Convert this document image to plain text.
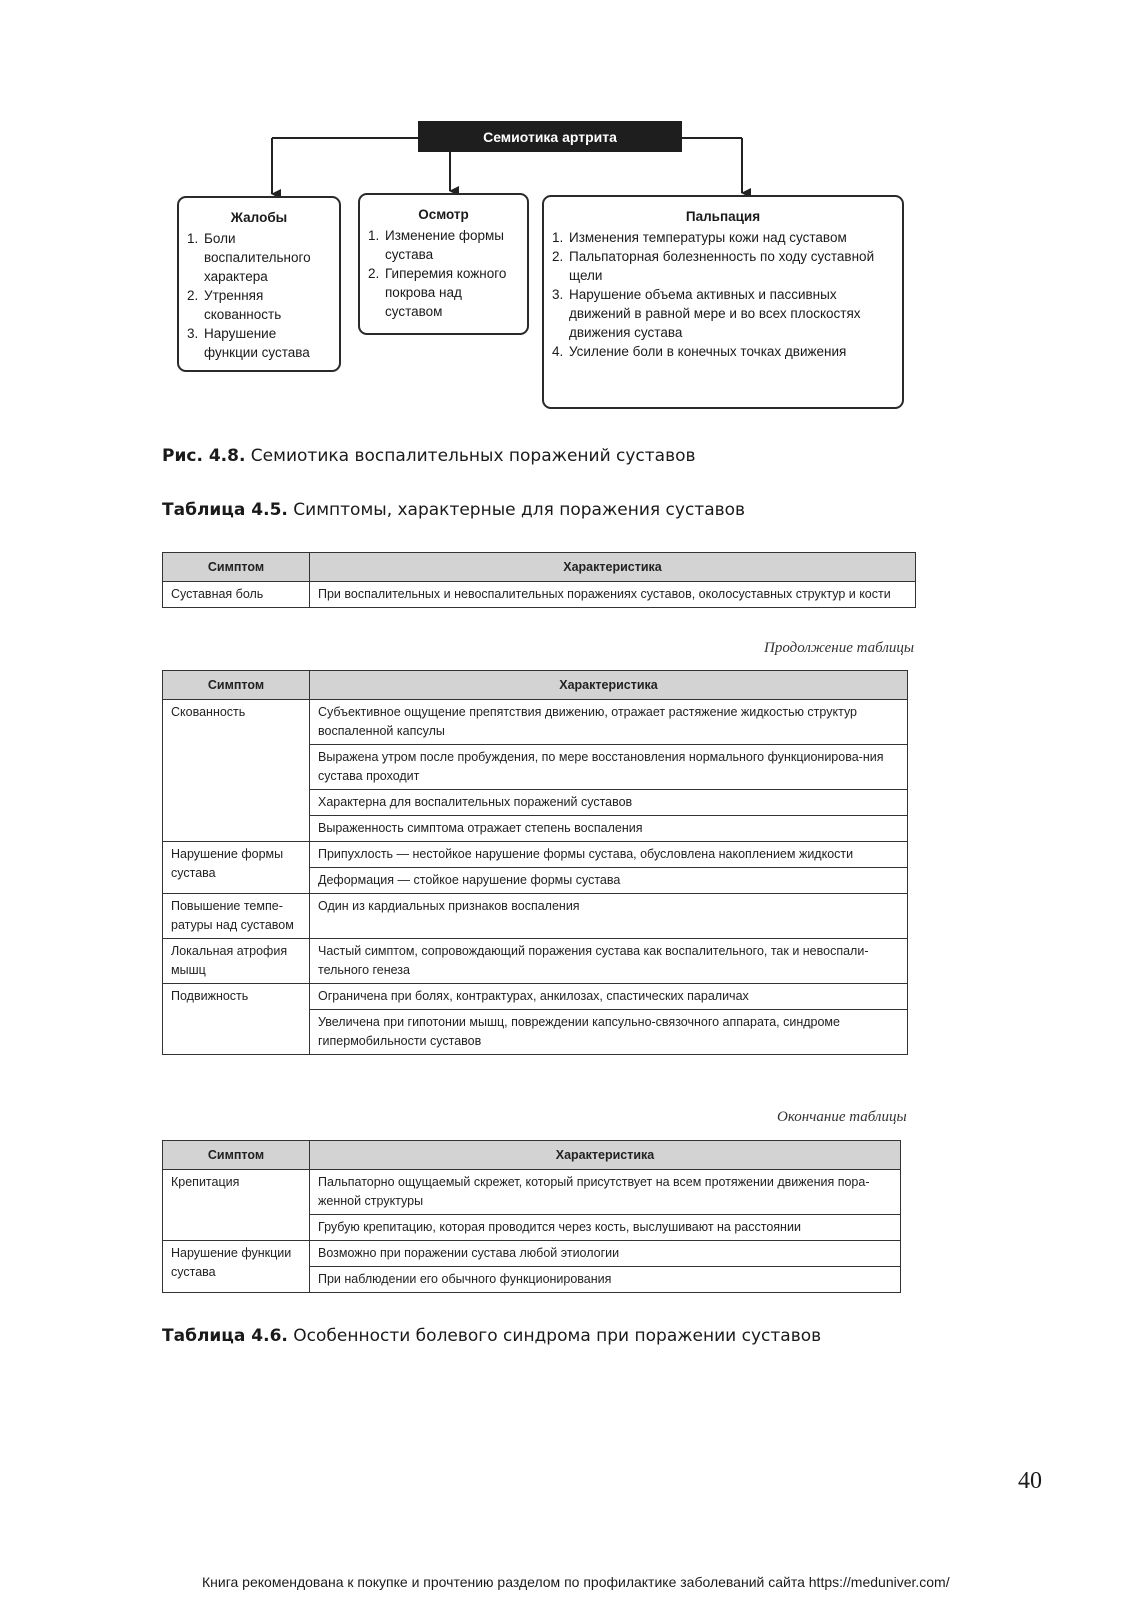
Семиотика артрита
Жалобы
1. Боли воспалительного характера
2. Утренняя скованность
3. Нарушение функции сустава
Осмотр
1. Изменение формы сустава
2. Гиперемия кожного покрова над суставом
Пальпация
1. Изменения температуры кожи над суставом
2. Пальпаторная болезненность по ходу суставной щели
3. Нарушение объема активных и пассивных движений в равной мере и во всех плоскостях движения сустава
4. Усиление боли в конечных точках движения
Рис. 4.8. Семиотика воспалительных поражений суставов
Таблица 4.5. Симптомы, характерные для поражения суставов
Симптом	Характеристика
Суставная боль	При воспалительных и невоспалительных поражениях суставов, околосуставных структур и кости
Продолжение таблицы
Симптом	Характеристика
Скованность	Субъективное ощущение препятствия движению, отражает растяжение жидкостью структур воспаленной капсулы
	Выражена утром после пробуждения, по мере восстановления нормального функционирова-ния сустава проходит
	Характерна для воспалительных поражений суставов
	Выраженность симптома отражает степень воспаления
Нарушение формы сустава	Припухлость — нестойкое нарушение формы сустава, обусловлена накоплением жидкости
	Деформация — стойкое нарушение формы сустава
Повышение темпе-ратуры над суставом	Один из кардиальных признаков воспаления
Локальная атрофия мышц	Частый симптом, сопровождающий поражения сустава как воспалительного, так и невоспали-тельного генеза
Подвижность	Ограничена при болях, контрактурах, анкилозах, спастических параличах
	Увеличена при гипотонии мышц, повреждении капсульно-связочного аппарата, синдроме гипермобильности суставов
Окончание таблицы
Симптом	Характеристика
Крепитация	Пальпаторно ощущаемый скрежет, который присутствует на всем протяжении движения пора-женной структуры
	Грубую крепитацию, которая проводится через кость, выслушивают на расстоянии
Нарушение функции сустава	Возможно при поражении сустава любой этиологии
	При наблюдении его обычного функционирования
Таблица 4.6. Особенности болевого синдрома при поражении суставов
40
Книга рекомендована к покупке и прочтению разделом по профилактике заболеваний сайта https://meduniver.com/
